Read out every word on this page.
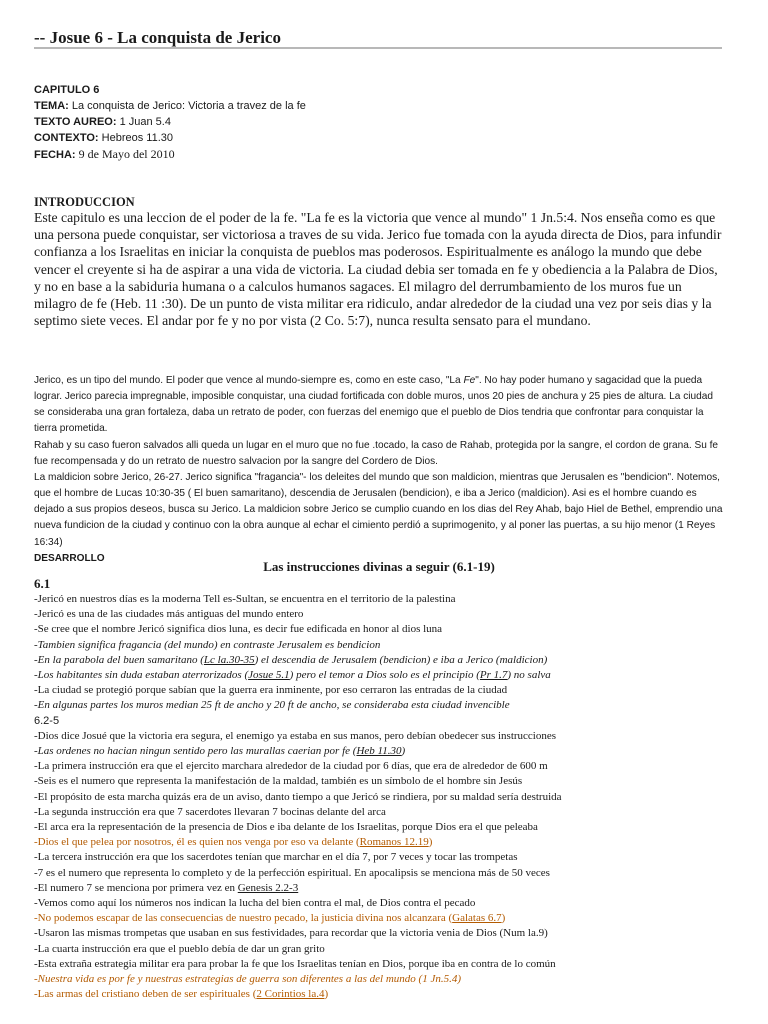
-- Josue 6 - La conquista de Jerico
CAPITULO 6
TEMA: La conquista de Jerico: Victoria a travez de la fe
TEXTO AUREO: 1 Juan 5.4
CONTEXTO: Hebreos 11.30
FECHA: 9 de Mayo del 2010
INTRODUCCION

Este capitulo es una leccion de el poder de la fe. "La fe es la victoria que vence al mundo" 1 Jn.5:4. Nos enseña como es que una persona puede conquistar, ser victoriosa a traves de su vida. Jerico fue tomada con la ayuda directa de Dios, para infundir confianza a los Israelitas en iniciar la conquista de pueblos mas poderosos. Espiritualmente es análogo la mundo que debe vencer el creyente si ha de aspirar a una vida de victoria. La ciudad debia ser tomada en fe y obediencia a la Palabra de Dios, y no en base a la sabiduria humana o a calculos humanos sagaces. El milagro del derrumbamiento de los muros fue un milagro de fe (Heb. 11 :30). De un punto de vista militar era ridiculo, andar alrededor de la ciudad una vez por seis dias y la septimo siete veces. El andar por fe y no por vista (2 Co. 5:7), nunca resulta sensato para el mundano.

Jerico, es un tipo del mundo. El poder que vence al mundo-siempre es, como en este caso, "La Fe". No hay poder humano y sagacidad que la pueda lograr. Jerico parecia impregnable, imposible conquistar, una ciudad fortificada con doble muros, unos 20 pies de anchura y 25 pies de altura. La ciudad se consideraba una gran fortaleza, daba un retrato de poder, con fuerzas del enemigo que el pueblo de Dios tendria que confrontar para conquistar la tierra prometida.

Rahab y su caso fueron salvados alli queda un lugar en el muro que no fue .tocado, la caso de Rahab, protegida por la sangre, el cordon de grana. Su fe fue recompensada y do un retrato de nuestro salvacion por la sangre del Cordero de Dios.

La maldicion sobre Jerico, 26-27. Jerico significa "fragancia"- los deleites del mundo que son maldicion, mientras que Jerusalen es "bendicion". Notemos, que el hombre de Lucas 10:30-35 ( El buen samaritano), descendia de Jerusalen (bendicion), e iba a Jerico (maldicion). Asi es el hombre cuando es dejado a sus propios deseos, busca su Jerico. La maldicion sobre Jerico se cumplio cuando en los dias del Rey Ahab, bajo Hiel de Bethel, emprendio una nueva fundicion de la ciudad y continuo con la obra aunque al echar el cimiento perdió a suprimogenito, y al poner las puertas, a su hijo menor (1 Reyes 16:34)

DESARROLLO

Las instrucciones divinas a seguir (6.1-19)
6.1
-Jericó en nuestros días es la moderna Tell es-Sultan, se encuentra en el territorio de la palestina
-Jericó es una de las ciudades más antiguas del mundo entero
-Se cree que el nombre Jericó significa dios luna, es decir fue edificada en honor al dios luna
-Tambien significa fragancia (del mundo) en contraste Jerusalem es bendicion
-En la parabola del buen samaritano (Lc la.30-35) el descendia de Jerusalem (bendicion) e iba a Jerico (maldicion)
-Los habitantes sin duda estaban aterrorizados (Josue 5.1) pero el temor a Dios solo es el principio (Pr 1.7) no salva
-La ciudad se protegió porque sabían que la guerra era inminente, por eso cerraron las entradas de la ciudad
-En algunas partes los muros median 25 ft de ancho y 20 ft de ancho, se consideraba esta ciudad invencible
6.2-5
-Dios dice Josué que la victoria era segura, el enemigo ya estaba en sus manos, pero debían obedecer sus instrucciones
-Las ordenes no hacian ningun sentido pero las murallas caerian por fe (Heb 11.30)
-La primera instrucción era que el ejercito marchara alrededor de la ciudad por 6 días, que era de alrededor de 600 m
-Seis es el numero que representa la manifestación de la maldad, también es un símbolo de el hombre sin Jesús
-El propósito de esta marcha quizás era de un aviso, danto tiempo a que Jericó se rindiera, por su maldad sería destruida
-La segunda instrucción era que 7 sacerdotes llevaran 7 bocinas delante del arca
-El arca era la representación de la presencia de Dios e iba delante de los Israelitas, porque Dios era el que peleaba
-Dios el que pelea por nosotros, él es quien nos venga por eso va delante (Romanos 12.19)
-La tercera instrucción era que los sacerdotes tenían que marchar en el día 7, por 7 veces y tocar las trompetas
-7 es el numero que representa lo completo y de la perfección espiritual. En apocalipsis se menciona más de 50 veces
-El numero 7 se menciona por primera vez en Genesis 2.2-3
-Vemos como aquí los números nos indican la lucha del bien contra el mal, de Dios contra el pecado
-No podemos escapar de las consecuencias de nuestro pecado, la justicia divina nos alcanzara (Galatas 6.7)
-Usaron las mismas trompetas que usaban en sus festividades, para recordar que la victoria venia de Dios (Num la.9)
-La cuarta instrucción era que el pueblo debía de dar un gran grito
-Esta extraña estrategia militar era para probar la fe que los Israelitas tenían en Dios, porque iba en contra de lo común
-Nuestra vida es por fe y nuestras estrategias de guerra son diferentes a las del mundo (1 Jn.5.4)
-Las armas del cristiano deben de ser espirituales (2 Corintios la.4)
